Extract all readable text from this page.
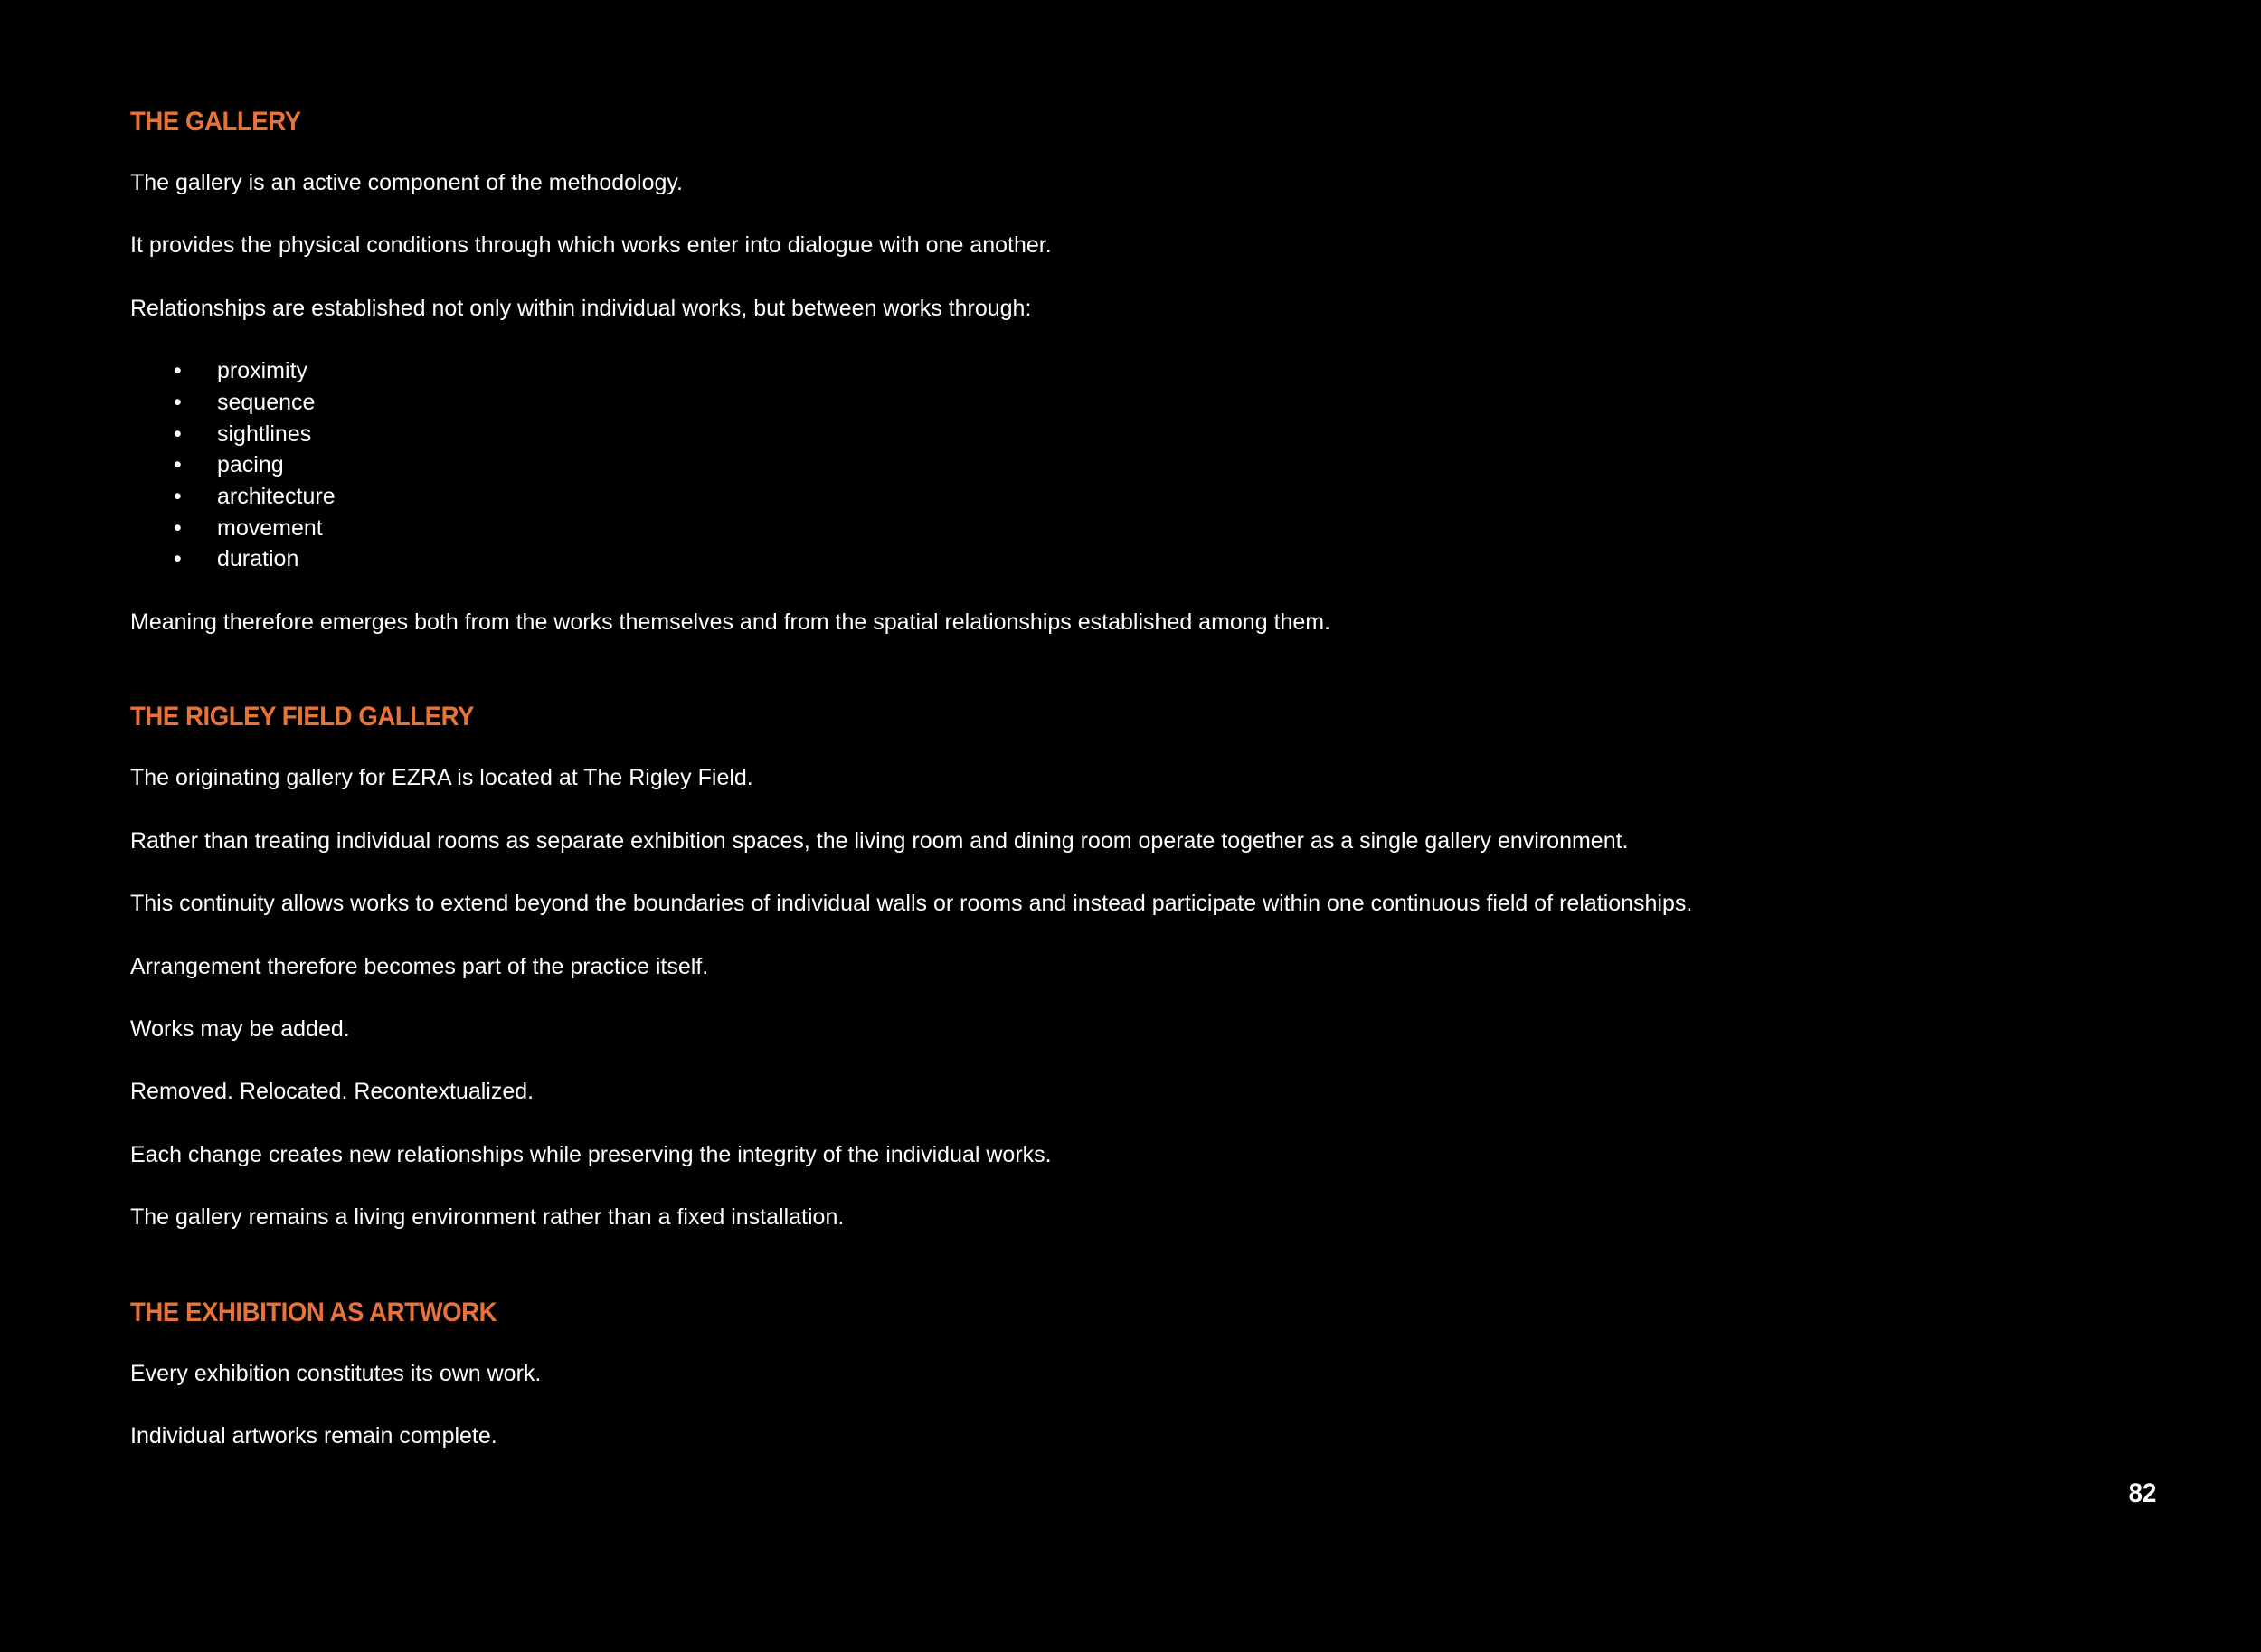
THE GALLERY

The gallery is an active component of the methodology.

It provides the physical conditions through which works enter into dialogue with one another.

Relationships are established not only within individual works, but between works through:

• proximity
• sequence
• sightlines
• pacing
• architecture
• movement
• duration

Meaning therefore emerges both from the works themselves and from the spatial relationships established among them.

THE RIGLEY FIELD GALLERY

The originating gallery for EZRA is located at The Rigley Field.

Rather than treating individual rooms as separate exhibition spaces, the living room and dining room operate together as a single gallery environment.

This continuity allows works to extend beyond the boundaries of individual walls or rooms and instead participate within one continuous field of relationships.

Arrangement therefore becomes part of the practice itself.

Works may be added.

Removed. Relocated. Recontextualized.

Each change creates new relationships while preserving the integrity of the individual works.

The gallery remains a living environment rather than a fixed installation.

THE EXHIBITION AS ARTWORK

Every exhibition constitutes its own work.

Individual artworks remain complete.

82
